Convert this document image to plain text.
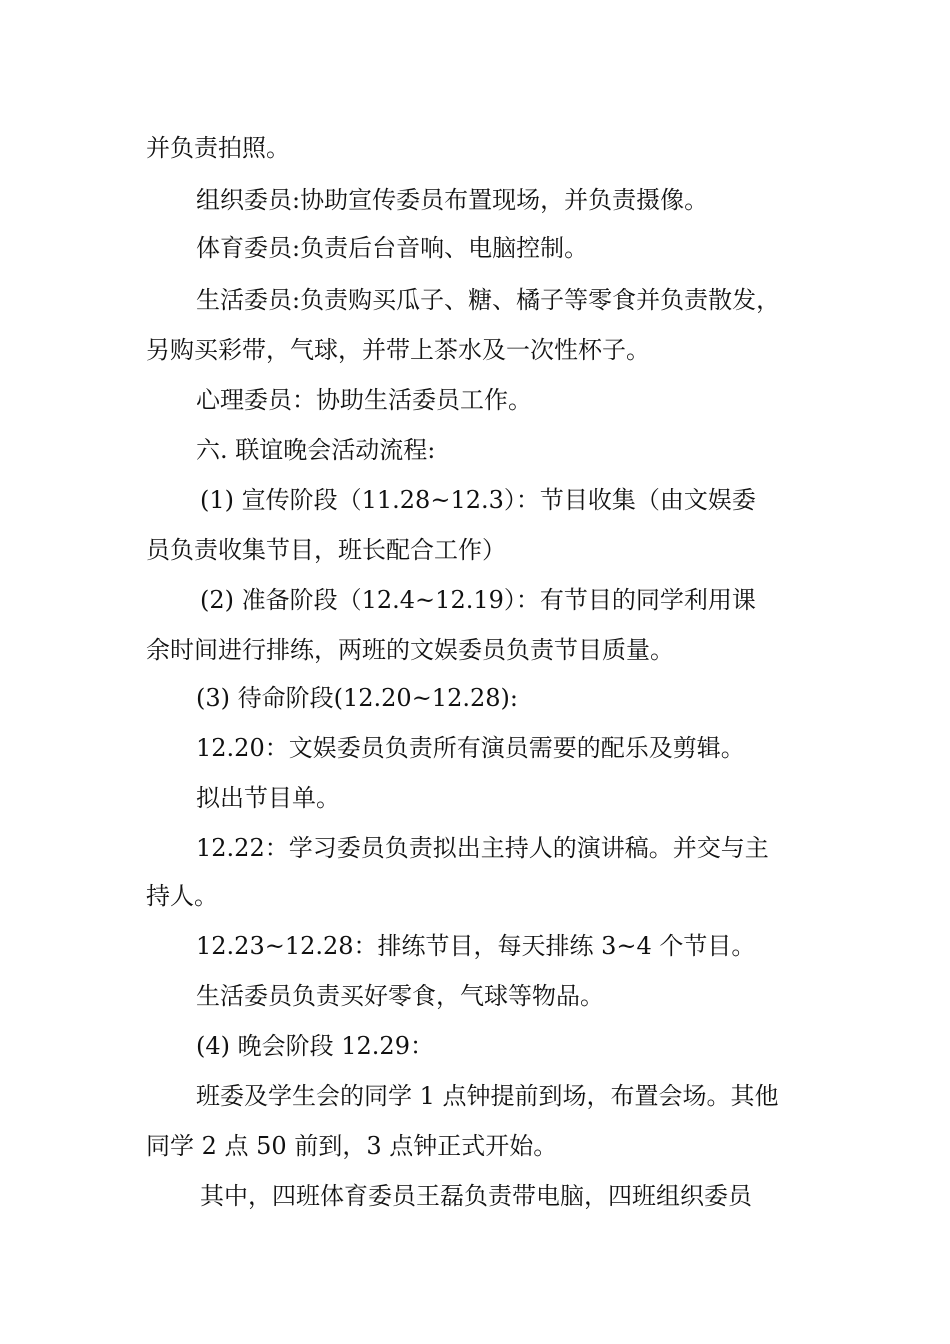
并负责拍照。
组织委员:协助宣传委员布置现场，并负责摄像。
体育委员:负责后台音响、电脑控制。
生活委员:负责购买瓜子、糖、橘子等零食并负责散发，
另购买彩带，气球，并带上茶水及一次性杯子。
心理委员：协助生活委员工作。
六. 联谊晚会活动流程:
(1) 宣传阶段（11.28~12.3）：节目收集（由文娱委
员负责收集节目，班长配合工作）
(2) 准备阶段（12.4~12.19）：有节目的同学利用课
余时间进行排练，两班的文娱委员负责节目质量。
(3) 待命阶段(12.20~12.28):
12.20：文娱委员负责所有演员需要的配乐及剪辑。
拟出节目单。
12.22：学习委员负责拟出主持人的演讲稿。并交与主
持人。
12.23~12.28：排练节目，每天排练 3~4 个节目。
生活委员负责买好零食，气球等物品。
(4) 晚会阶段 12.29：
班委及学生会的同学 1 点钟提前到场，布置会场。其他
同学 2 点 50 前到，3 点钟正式开始。
其中，四班体育委员王磊负责带电脑，四班组织委员
